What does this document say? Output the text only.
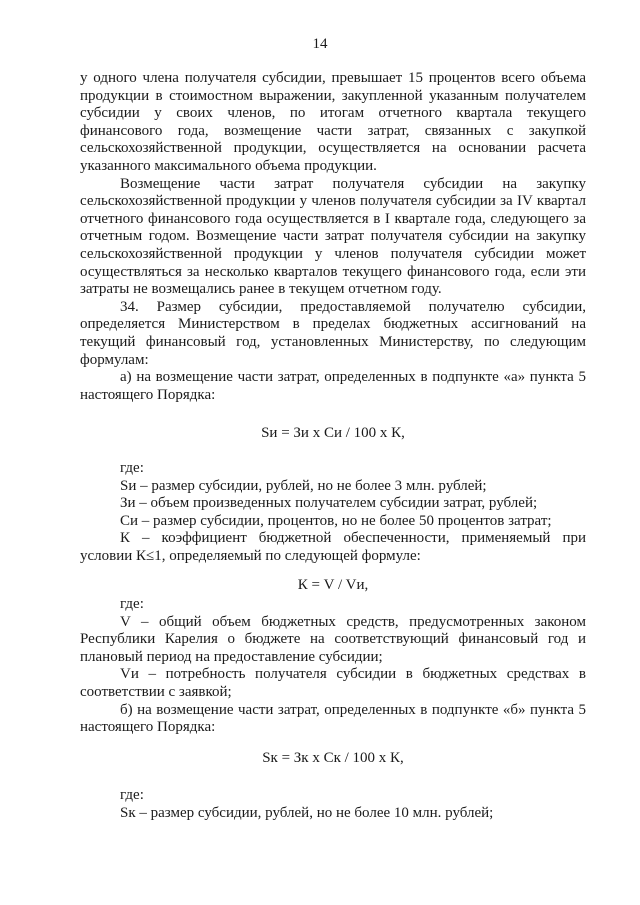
14

у одного члена получателя субсидии, превышает 15 процентов всего объема продукции в стоимостном выражении, закупленной указанным получателем субсидии у своих членов, по итогам отчетного квартала текущего финансового года, возмещение части затрат, связанных с закупкой сельскохозяйственной продукции, осуществляется на основании расчета указанного максимального объема продукции.

Возмещение части затрат получателя субсидии на закупку сельскохозяйственной продукции у членов получателя субсидии за IV квартал отчетного финансового года осуществляется в I квартале года, следующего за отчетным годом. Возмещение части затрат получателя субсидии на закупку сельскохозяйственной продукции у членов получателя субсидии может осуществляться за несколько кварталов текущего финансового года, если эти затраты не возмещались ранее в текущем отчетном году.

34. Размер субсидии, предоставляемой получателю субсидии, определяется Министерством в пределах бюджетных ассигнований на текущий финансовый год, установленных Министерству, по следующим формулам:

а) на возмещение части затрат, определенных в подпункте «а» пункта 5 настоящего Порядка:

Sи = Зи х Си / 100 х К,

где:

Sи – размер субсидии, рублей, но не более 3 млн. рублей;

Зи – объем произведенных получателем субсидии затрат, рублей;

Си – размер субсидии, процентов, но не более 50 процентов затрат;

К – коэффициент бюджетной обеспеченности, применяемый при условии К≤1, определяемый по следующей формуле:

К = V / Vи,

где:

V – общий объем бюджетных средств, предусмотренных законом Республики Карелия о бюджете на соответствующий финансовый год и плановый период на предоставление субсидии;

Vи – потребность получателя субсидии в бюджетных средствах в соответствии с заявкой;

б) на возмещение части затрат, определенных в подпункте «б» пункта 5 настоящего Порядка:

Sк = Зк х Ск / 100 х К,

где:

Sк – размер субсидии, рублей, но не более 10 млн. рублей;
